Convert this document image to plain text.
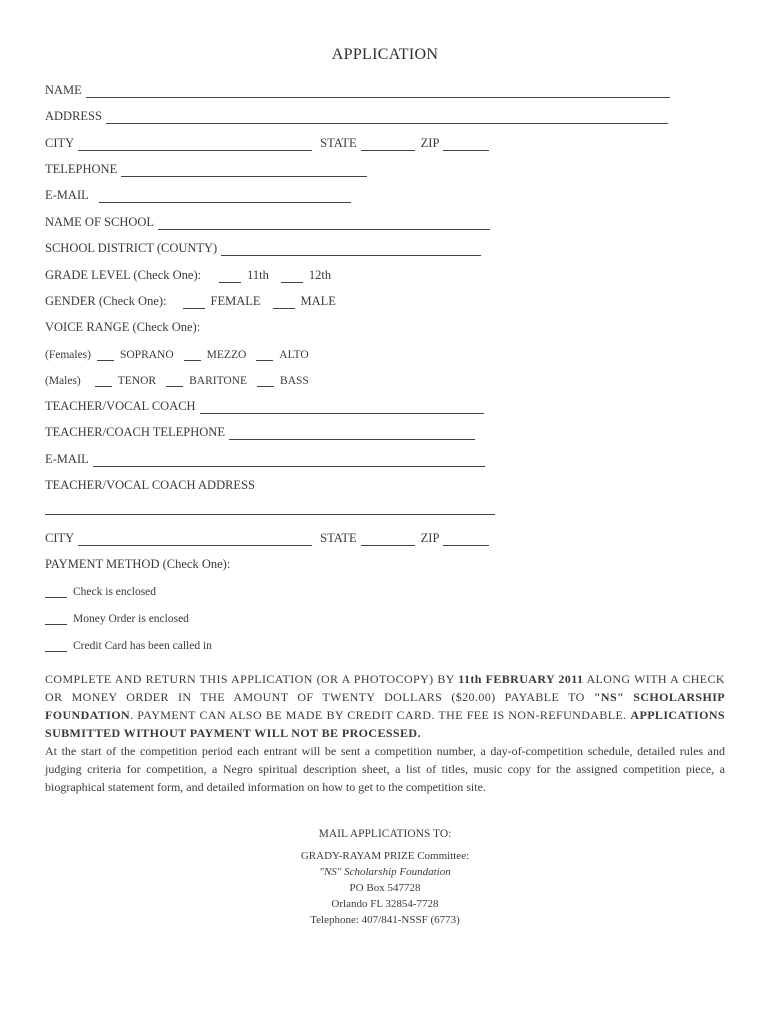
APPLICATION
NAME
ADDRESS
CITY	STATE	ZIP
TELEPHONE
E-MAIL
NAME OF SCHOOL
SCHOOL DISTRICT (COUNTY)
GRADE LEVEL (Check One):	11th	12th
GENDER (Check One):	FEMALE	MALE
VOICE RANGE (Check One):
(Females)	SOPRANO	MEZZO	ALTO
(Males)	TENOR	BARITONE	BASS
TEACHER/VOCAL COACH
TEACHER/COACH TELEPHONE
E-MAIL
TEACHER/VOCAL COACH ADDRESS
CITY	STATE	ZIP
PAYMENT METHOD (Check One):
Check is enclosed
Money Order is enclosed
Credit Card has been called in

COMPLETE AND RETURN THIS APPLICATION (OR A PHOTOCOPY) BY 11th FEBRUARY 2011 ALONG WITH A CHECK OR MONEY ORDER IN THE AMOUNT OF TWENTY DOLLARS ($20.00) PAYABLE TO "NS" SCHOLARSHIP FOUNDATION. PAYMENT CAN ALSO BE MADE BY CREDIT CARD. THE FEE IS NON-REFUNDABLE. APPLICATIONS SUBMITTED WITHOUT PAYMENT WILL NOT BE PROCESSED.

At the start of the competition period each entrant will be sent a competition number, a day-of-competition schedule, detailed rules and judging criteria for competition, a Negro spiritual description sheet, a list of titles, music copy for the assigned competition piece, a biographical statement form, and detailed information on how to get to the competition site.

MAIL APPLICATIONS TO:
GRADY-RAYAM PRIZE Committee:
"NS" Scholarship Foundation
PO Box 547728
Orlando FL 32854-7728
Telephone: 407/841-NSSF (6773)
